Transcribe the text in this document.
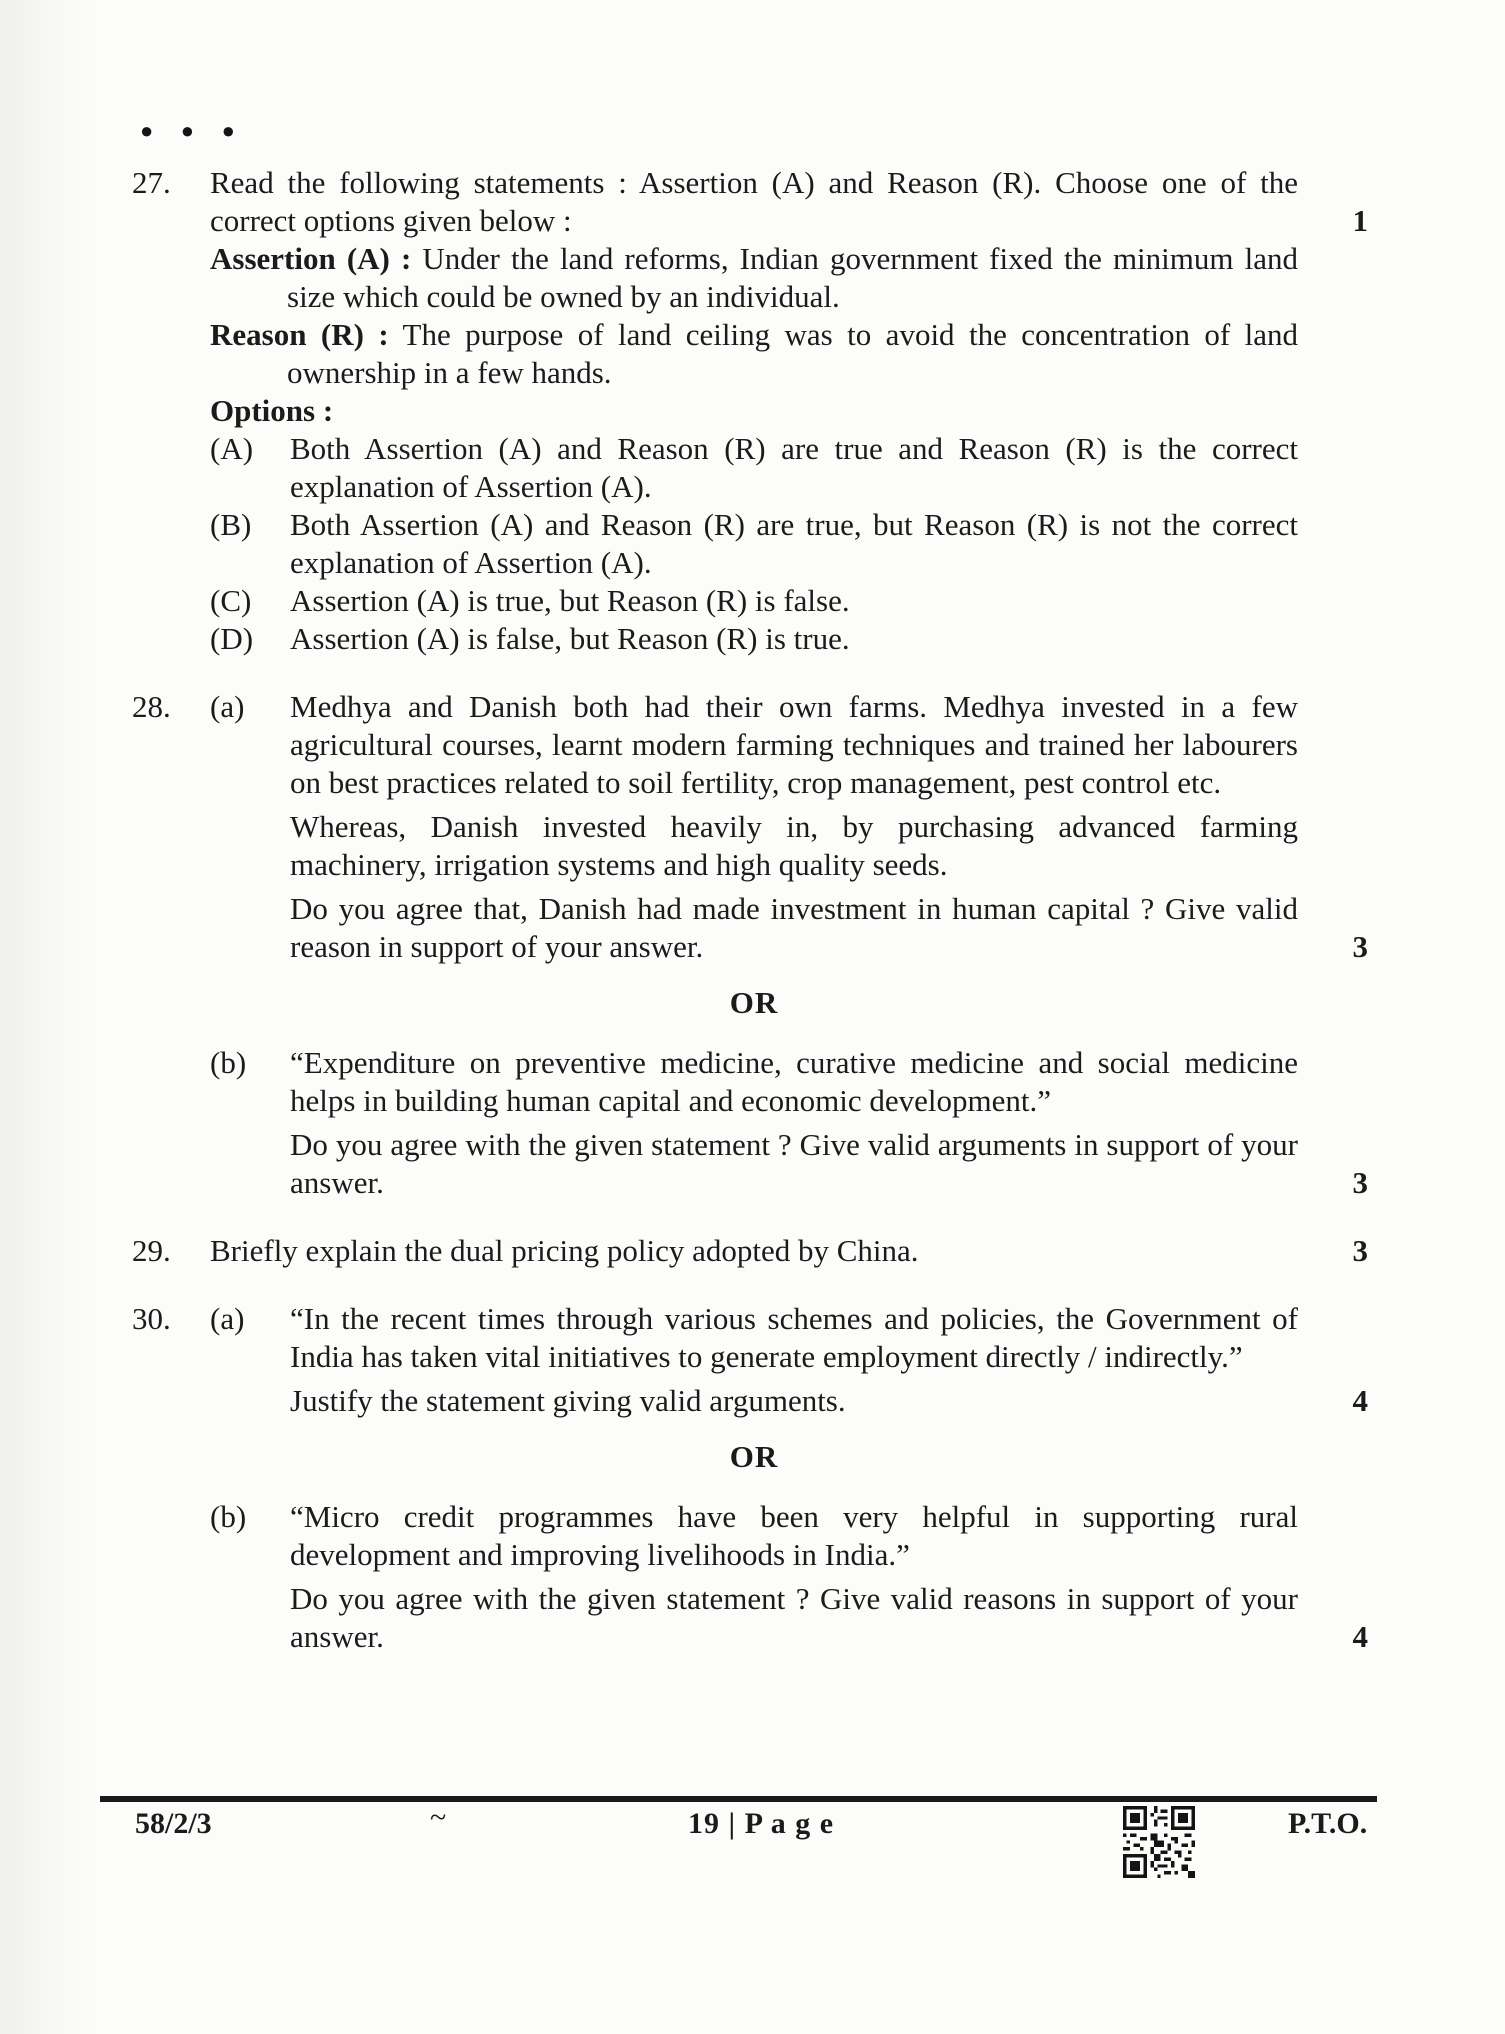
● ● ●
27.	Read the following statements : Assertion (A) and Reason (R). Choose one of the correct options given below :	1
Assertion (A) : Under the land reforms, Indian government fixed the minimum land size which could be owned by an individual.
Reason (R) : The purpose of land ceiling was to avoid the concentration of land ownership in a few hands.
Options :
(A) Both Assertion (A) and Reason (R) are true and Reason (R) is the correct explanation of Assertion (A).
(B) Both Assertion (A) and Reason (R) are true, but Reason (R) is not the correct explanation of Assertion (A).
(C) Assertion (A) is true, but Reason (R) is false.
(D) Assertion (A) is false, but Reason (R) is true.
28.	(a) Medhya and Danish both had their own farms. Medhya invested in a few agricultural courses, learnt modern farming techniques and trained her labourers on best practices related to soil fertility, crop management, pest control etc.
Whereas, Danish invested heavily in, by purchasing advanced farming machinery, irrigation systems and high quality seeds.
Do you agree that, Danish had made investment in human capital ? Give valid reason in support of your answer.	3
OR
(b) “Expenditure on preventive medicine, curative medicine and social medicine helps in building human capital and economic development.”
Do you agree with the given statement ? Give valid arguments in support of your answer.	3
29.	Briefly explain the dual pricing policy adopted by China.	3
30.	(a) “In the recent times through various schemes and policies, the Government of India has taken vital initiatives to generate employment directly / indirectly.”
Justify the statement giving valid arguments.	4
OR
(b) “Micro credit programmes have been very helpful in supporting rural development and improving livelihoods in India.”
Do you agree with the given statement ? Give valid reasons in support of your answer.	4
58/2/3	~	19 | P a g e	P.T.O.
